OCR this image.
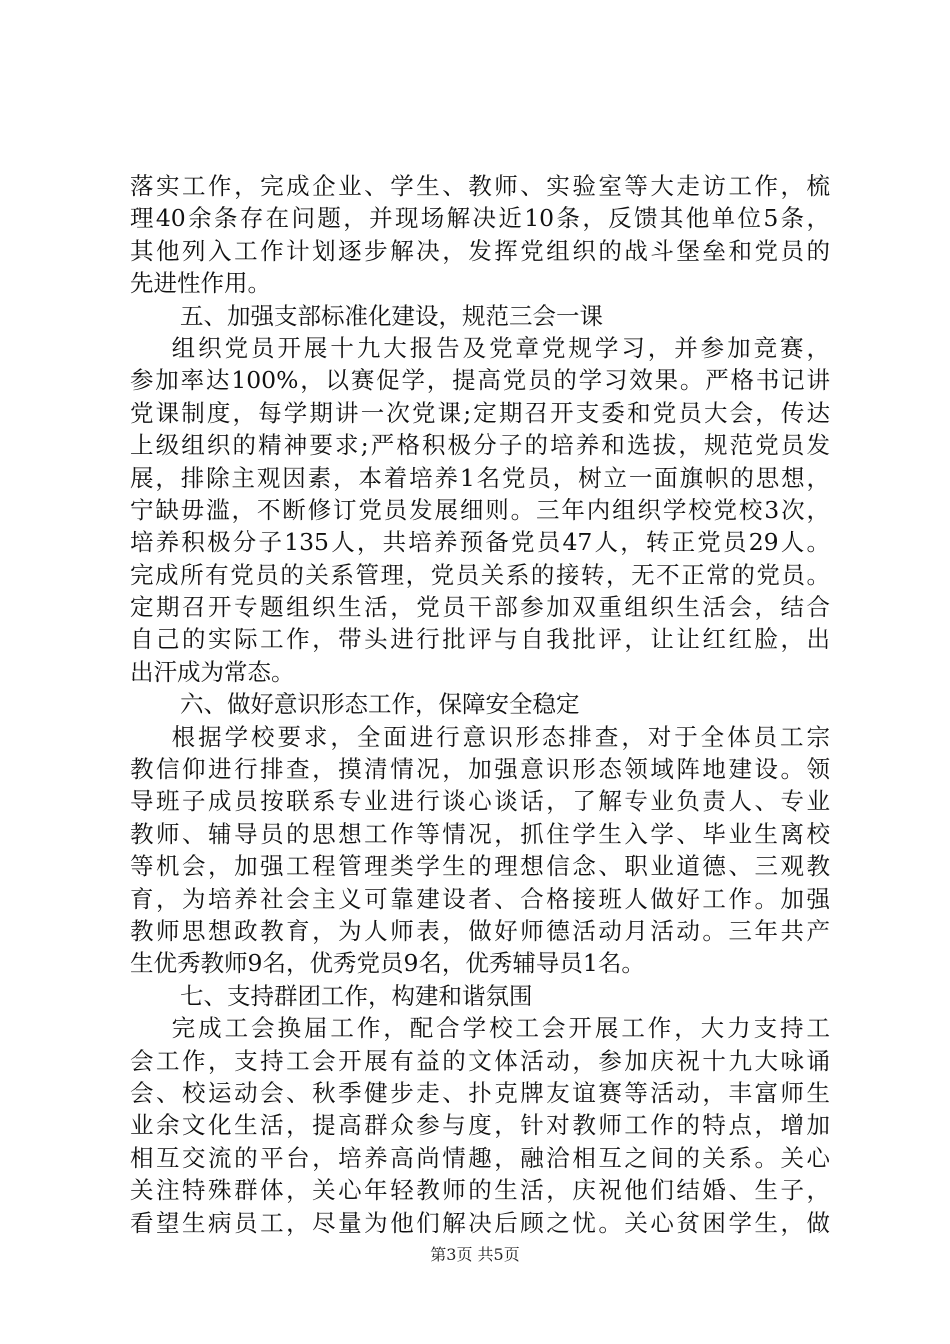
落实工作，完成企业、学生、教师、实验室等大走访工作，梳
理40余条存在问题，并现场解决近10条，反馈其他单位5条，
其他列入工作计划逐步解决，发挥党组织的战斗堡垒和党员的
先进性作用。
五、加强支部标准化建设，规范三会一课
组织党员开展十九大报告及党章党规学习，并参加竞赛，
参加率达100%，以赛促学，提高党员的学习效果。严格书记讲
党课制度，每学期讲一次党课;定期召开支委和党员大会，传达
上级组织的精神要求;严格积极分子的培养和选拔，规范党员发
展，排除主观因素，本着培养1名党员，树立一面旗帜的思想，
宁缺毋滥，不断修订党员发展细则。三年内组织学校党校3次，
培养积极分子135人，共培养预备党员47人，转正党员29人。
完成所有党员的关系管理，党员关系的接转，无不正常的党员。
定期召开专题组织生活，党员干部参加双重组织生活会，结合
自己的实际工作，带头进行批评与自我批评，让让红红脸，出
出汗成为常态。
六、做好意识形态工作，保障安全稳定
根据学校要求，全面进行意识形态排查，对于全体员工宗
教信仰进行排查，摸清情况，加强意识形态领域阵地建设。领
导班子成员按联系专业进行谈心谈话，了解专业负责人、专业
教师、辅导员的思想工作等情况，抓住学生入学、毕业生离校
等机会，加强工程管理类学生的理想信念、职业道德、三观教
育，为培养社会主义可靠建设者、合格接班人做好工作。加强
教师思想政教育，为人师表，做好师德活动月活动。三年共产
生优秀教师9名，优秀党员9名，优秀辅导员1名。
七、支持群团工作，构建和谐氛围
完成工会换届工作，配合学校工会开展工作，大力支持工
会工作，支持工会开展有益的文体活动，参加庆祝十九大咏诵
会、校运动会、秋季健步走、扑克牌友谊赛等活动，丰富师生
业余文化生活，提高群众参与度，针对教师工作的特点，增加
相互交流的平台，培养高尚情趣，融洽相互之间的关系。关心
关注特殊群体，关心年轻教师的生活，庆祝他们结婚、生子，
看望生病员工，尽量为他们解决后顾之忧。关心贫困学生，做
第3页 共5页
